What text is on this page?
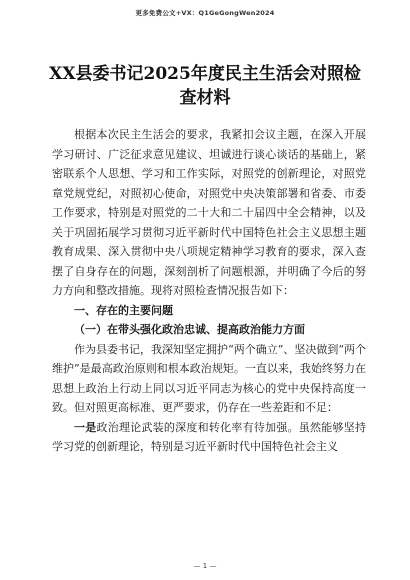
更多免费公文+VX：Q1GeGongWen2024
XX县委书记2025年度民主生活会对照检
查材料

根据本次民主生活会的要求，我紧扣会议主题，在深入开展学习研讨、广泛征求意见建议、坦诚进行谈心谈话的基础上，紧密联系个人思想、学习和工作实际，对照党的创新理论，对照党章党规党纪，对照初心使命，对照党中央决策部署和省委、市委工作要求，特别是对照党的二十大和二十届四中全会精神，以及关于巩固拓展学习贯彻习近平新时代中国特色社会主义思想主题教育成果、深入贯彻中央八项规定精神学习教育的要求，深入查摆了自身存在的问题，深刻剖析了问题根源，并明确了今后的努力方向和整改措施。现将对照检查情况报告如下：

一、存在的主要问题

（一）在带头强化政治忠诚、提高政治能力方面

作为县委书记，我深知坚定拥护“两个确立”、坚决做到“两个维护”是最高政治原则和根本政治规矩。一直以来，我始终努力在思想上政治上行动上同以习近平同志为核心的党中央保持高度一致。但对照更高标准、更严要求，仍存在一些差距和不足：

一是政治理论武装的深度和转化率有待加强。虽然能够坚持学习党的创新理论，特别是习近平新时代中国特色社会主义

— 1 —
